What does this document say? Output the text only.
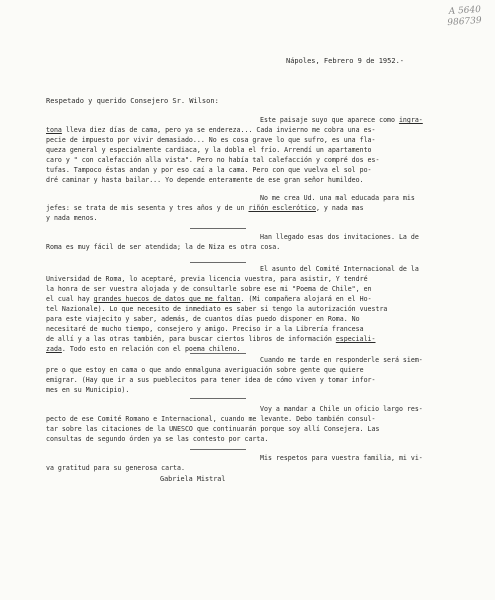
A 5640
986739
Nápoles, Febrero 9 de 1952.-
Respetado y querido Consejero Sr. Wilson:
Este paisaje suyo que aparece como ingra-
tona lleva diez días de cama, pero ya se endereza... Cada invierno me cobra una es-
pecie de impuesto por vivir demasiado... No es cosa grave lo que sufro, es una fla-
queza general y especialmente cardiaca, y la dobla el frío. Arrendí un apartamento
caro y " con calefacción alla vista". Pero no había tal calefacción y compré dos es-
tufas. Tampoco éstas andan y por eso caí a la cama. Pero con que vuelva el sol po-
dré caminar y hasta bailar... Yo depende enteramente de ese gran señor humildeo.
No me crea Ud. una mal educada para mis
jefes: se trata de mis sesenta y tres años y de un riñón esclerótico, y nada mas
y nada menos.
Han llegado esas dos invitaciones. La de
Roma es muy fácil de ser atendida; la de Niza es otra cosa.
El asunto del Comité Internacional de la
Universidad de Roma, lo aceptaré, previa licencia vuestra, para asistir, Y tendré
la honra de ser vuestra alojada y de consultarle sobre ese mi "Poema de Chile", en
el cual hay grandes huecos de datos que me faltan. (Mi compañera alojará en el Ho-
tel Nazionale). Lo que necesito de inmediato es saber si tengo la autorización vuestra
para este viajecito y saber, además, de cuantos días puedo disponer en Roma. No
necesitaré de mucho tiempo, consejero y amigo. Preciso ir a la Librería francesa
de allí y a las otras también, para buscar ciertos libros de información especiali-
zada. Todo esto en relación con el poema chileno.
Cuando me tarde en responderle será siem-
pre o que estoy en cama o que ando enmalguna averiguación sobre gente que quiere
emigrar. (Hay que ir a sus pueblecitos para tener idea de cómo viven y tomar infor-
mes en su Municipio).
Voy a mandar a Chile un oficio largo res-
pecto de ese Comité Romano e Internacional, cuando me levante. Debo también consul-
tar sobre las citaciones de la UNESCO que continuarán porque soy allí Consejera. Las
consultas de segundo órden ya se las contesto por carta.
Mis respetos para vuestra familia, mi vi-
va gratitud para su generosa carta.
Gabriela Mistral
